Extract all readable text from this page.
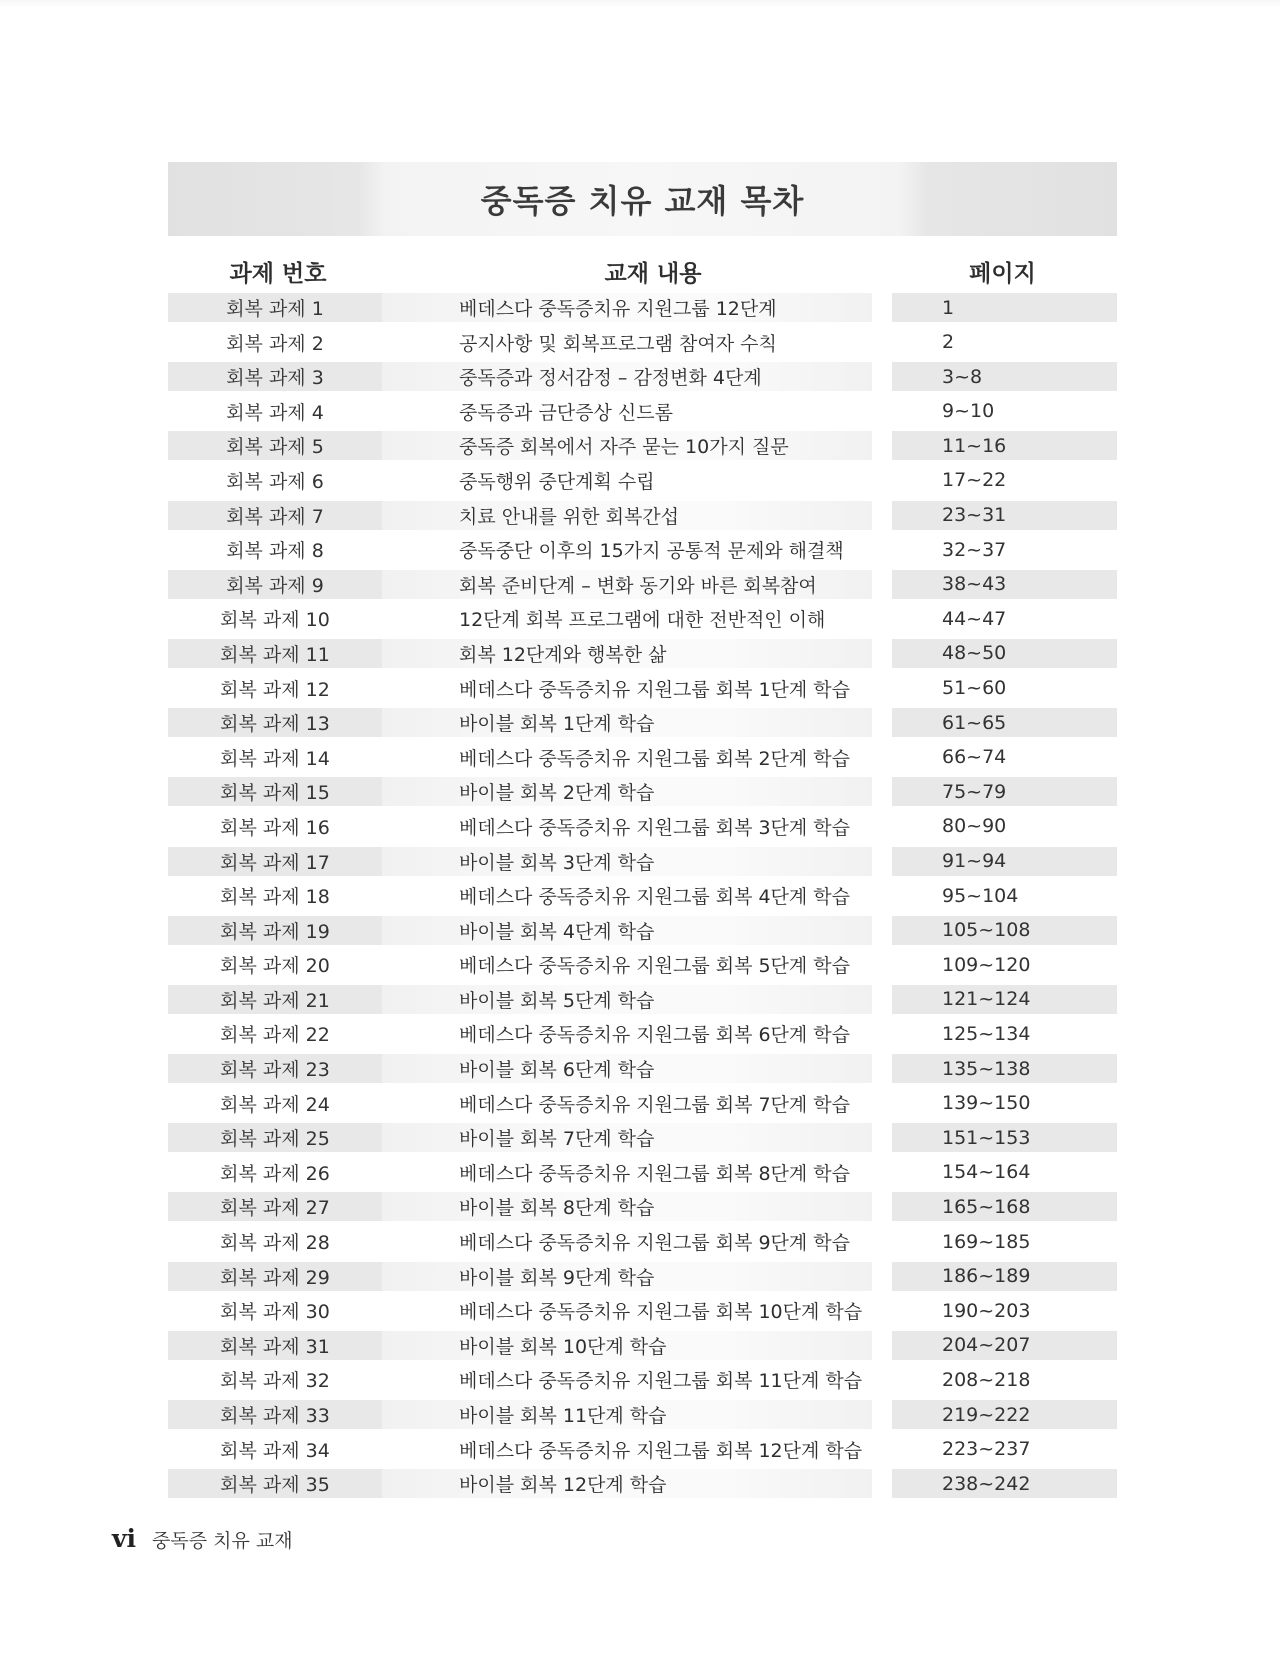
중독증 치유 교재 목차
과제 번호	교재 내용	페이지
회복 과제 1	베데스다 중독증치유 지원그룹 12단계	1
회복 과제 2	공지사항 및 회복프로그램 참여자 수칙	2
회복 과제 3	중독증과 정서감정 – 감정변화 4단계	3~8
회복 과제 4	중독증과 금단증상 신드롬	9~10
회복 과제 5	중독증 회복에서 자주 묻는 10가지 질문	11~16
회복 과제 6	중독행위 중단계획 수립	17~22
회복 과제 7	치료 안내를 위한 회복간섭	23~31
회복 과제 8	중독중단 이후의 15가지 공통적 문제와 해결책	32~37
회복 과제 9	회복 준비단계 – 변화 동기와 바른 회복참여	38~43
회복 과제 10	12단계 회복 프로그램에 대한 전반적인 이해	44~47
회복 과제 11	회복 12단계와 행복한 삶	48~50
회복 과제 12	베데스다 중독증치유 지원그룹 회복 1단계 학습	51~60
회복 과제 13	바이블 회복 1단계 학습	61~65
회복 과제 14	베데스다 중독증치유 지원그룹 회복 2단계 학습	66~74
회복 과제 15	바이블 회복 2단계 학습	75~79
회복 과제 16	베데스다 중독증치유 지원그룹 회복 3단계 학습	80~90
회복 과제 17	바이블 회복 3단계 학습	91~94
회복 과제 18	베데스다 중독증치유 지원그룹 회복 4단계 학습	95~104
회복 과제 19	바이블 회복 4단계 학습	105~108
회복 과제 20	베데스다 중독증치유 지원그룹 회복 5단계 학습	109~120
회복 과제 21	바이블 회복 5단계 학습	121~124
회복 과제 22	베데스다 중독증치유 지원그룹 회복 6단계 학습	125~134
회복 과제 23	바이블 회복 6단계 학습	135~138
회복 과제 24	베데스다 중독증치유 지원그룹 회복 7단계 학습	139~150
회복 과제 25	바이블 회복 7단계 학습	151~153
회복 과제 26	베데스다 중독증치유 지원그룹 회복 8단계 학습	154~164
회복 과제 27	바이블 회복 8단계 학습	165~168
회복 과제 28	베데스다 중독증치유 지원그룹 회복 9단계 학습	169~185
회복 과제 29	바이블 회복 9단계 학습	186~189
회복 과제 30	베데스다 중독증치유 지원그룹 회복 10단계 학습	190~203
회복 과제 31	바이블 회복 10단계 학습	204~207
회복 과제 32	베데스다 중독증치유 지원그룹 회복 11단계 학습	208~218
회복 과제 33	바이블 회복 11단계 학습	219~222
회복 과제 34	베데스다 중독증치유 지원그룹 회복 12단계 학습	223~237
회복 과제 35	바이블 회복 12단계 학습	238~242
vi 중독증 치유 교재
